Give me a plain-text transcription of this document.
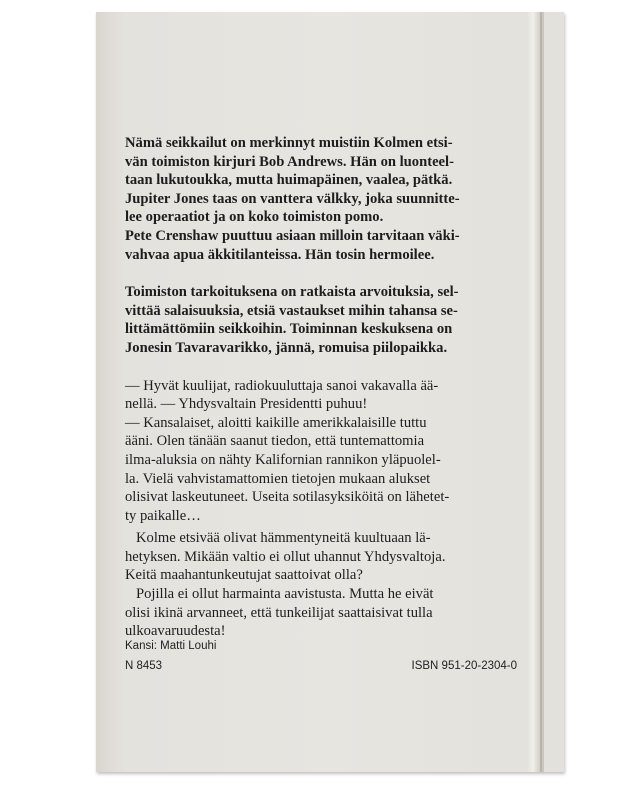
Nämä seikkailut on merkinnyt muistiin Kolmen etsi-
vän toimiston kirjuri Bob Andrews. Hän on luonteel-
taan lukutoukka, mutta huimapäinen, vaalea, pätkä.
Jupiter Jones taas on vanttera välkky, joka suunnitte-
lee operaatiot ja on koko toimiston pomo.
Pete Crenshaw puuttuu asiaan milloin tarvitaan väki-
vahvaa apua äkkitilanteissa. Hän tosin hermoilee.
Toimiston tarkoituksena on ratkaista arvoituksia, sel-
vittää salaisuuksia, etsiä vastaukset mihin tahansa se-
littämättömiin seikkoihin. Toiminnan keskuksena on
Jonesin Tavaravarikko, jännä, romuisa piilopaikka.
— Hyvät kuulijat, radiokuuluttaja sanoi vakavalla ää-
nellä. — Yhdysvaltain Presidentti puhuu!
— Kansalaiset, aloitti kaikille amerikkalaisille tuttu
ääni. Olen tänään saanut tiedon, että tuntemattomia
ilma-aluksia on nähty Kalifornian rannikon yläpuolel-
la. Vielä vahvistamattomien tietojen mukaan alukset
olisivat laskeutuneet. Useita sotilasyksiköitä on lähetet-
ty paikalle…
Kolme etsivää olivat hämmentyneitä kuultuaan lä-
hetyksen. Mikään valtio ei ollut uhannut Yhdysvaltoja.
Keitä maahantunkeutujat saattoivat olla?
Pojilla ei ollut harmainta aavistusta. Mutta he eivät
olisi ikinä arvanneet, että tunkeilijat saattaisivat tulla
ulkoavaruudesta!
Kansi: Matti Louhi
N 8453	ISBN 951-20-2304-0
